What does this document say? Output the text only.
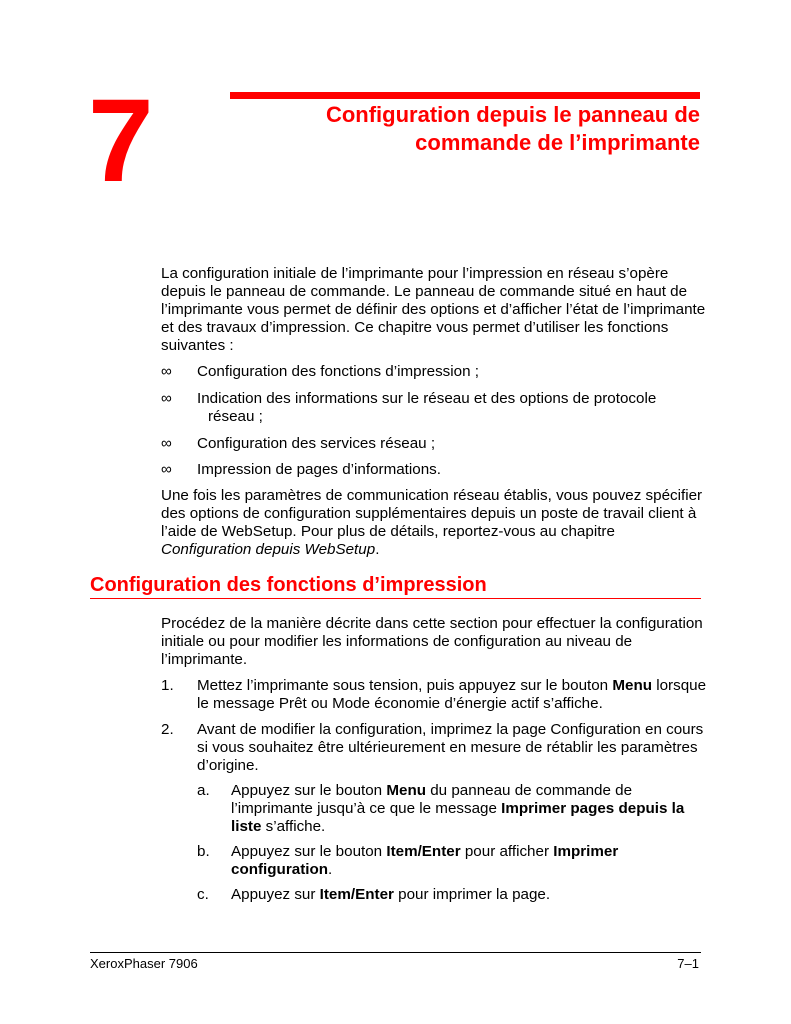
7	Configuration depuis le panneau de
commande de l’imprimante

La configuration initiale de l’imprimante pour l’impression en réseau s’opère depuis le panneau de commande. Le panneau de commande situé en haut de l’imprimante vous permet de définir des options et d’afficher l’état de l’imprimante et des travaux d’impression. Ce chapitre vous permet d’utiliser les fonctions suivantes :

∞	Configuration des fonctions d’impression ;
∞	Indication des informations sur le réseau et des options de protocole
réseau ;
∞	Configuration des services réseau ;
∞	Impression de pages d’informations.

Une fois les paramètres de communication réseau établis, vous pouvez spécifier des options de configuration supplémentaires depuis un poste de travail client à l’aide de WebSetup. Pour plus de détails, reportez-vous au chapitre Configuration depuis WebSetup.

Configuration des fonctions d’impression

Procédez de la manière décrite dans cette section pour effectuer la configuration initiale ou pour modifier les informations de configuration au niveau de l’imprimante.

1. Mettez l’imprimante sous tension, puis appuyez sur le bouton Menu lorsque le message Prêt ou Mode économie d’énergie actif s’affiche.
2. Avant de modifier la configuration, imprimez la page Configuration en cours si vous souhaitez être ultérieurement en mesure de rétablir les paramètres d’origine.
a. Appuyez sur le bouton Menu du panneau de commande de l’imprimante jusqu’à ce que le message Imprimer pages depuis la liste s’affiche.
b. Appuyez sur le bouton Item/Enter pour afficher Imprimer configuration.
c. Appuyez sur Item/Enter pour imprimer la page.
XeroxPhaser 7906	7–1
